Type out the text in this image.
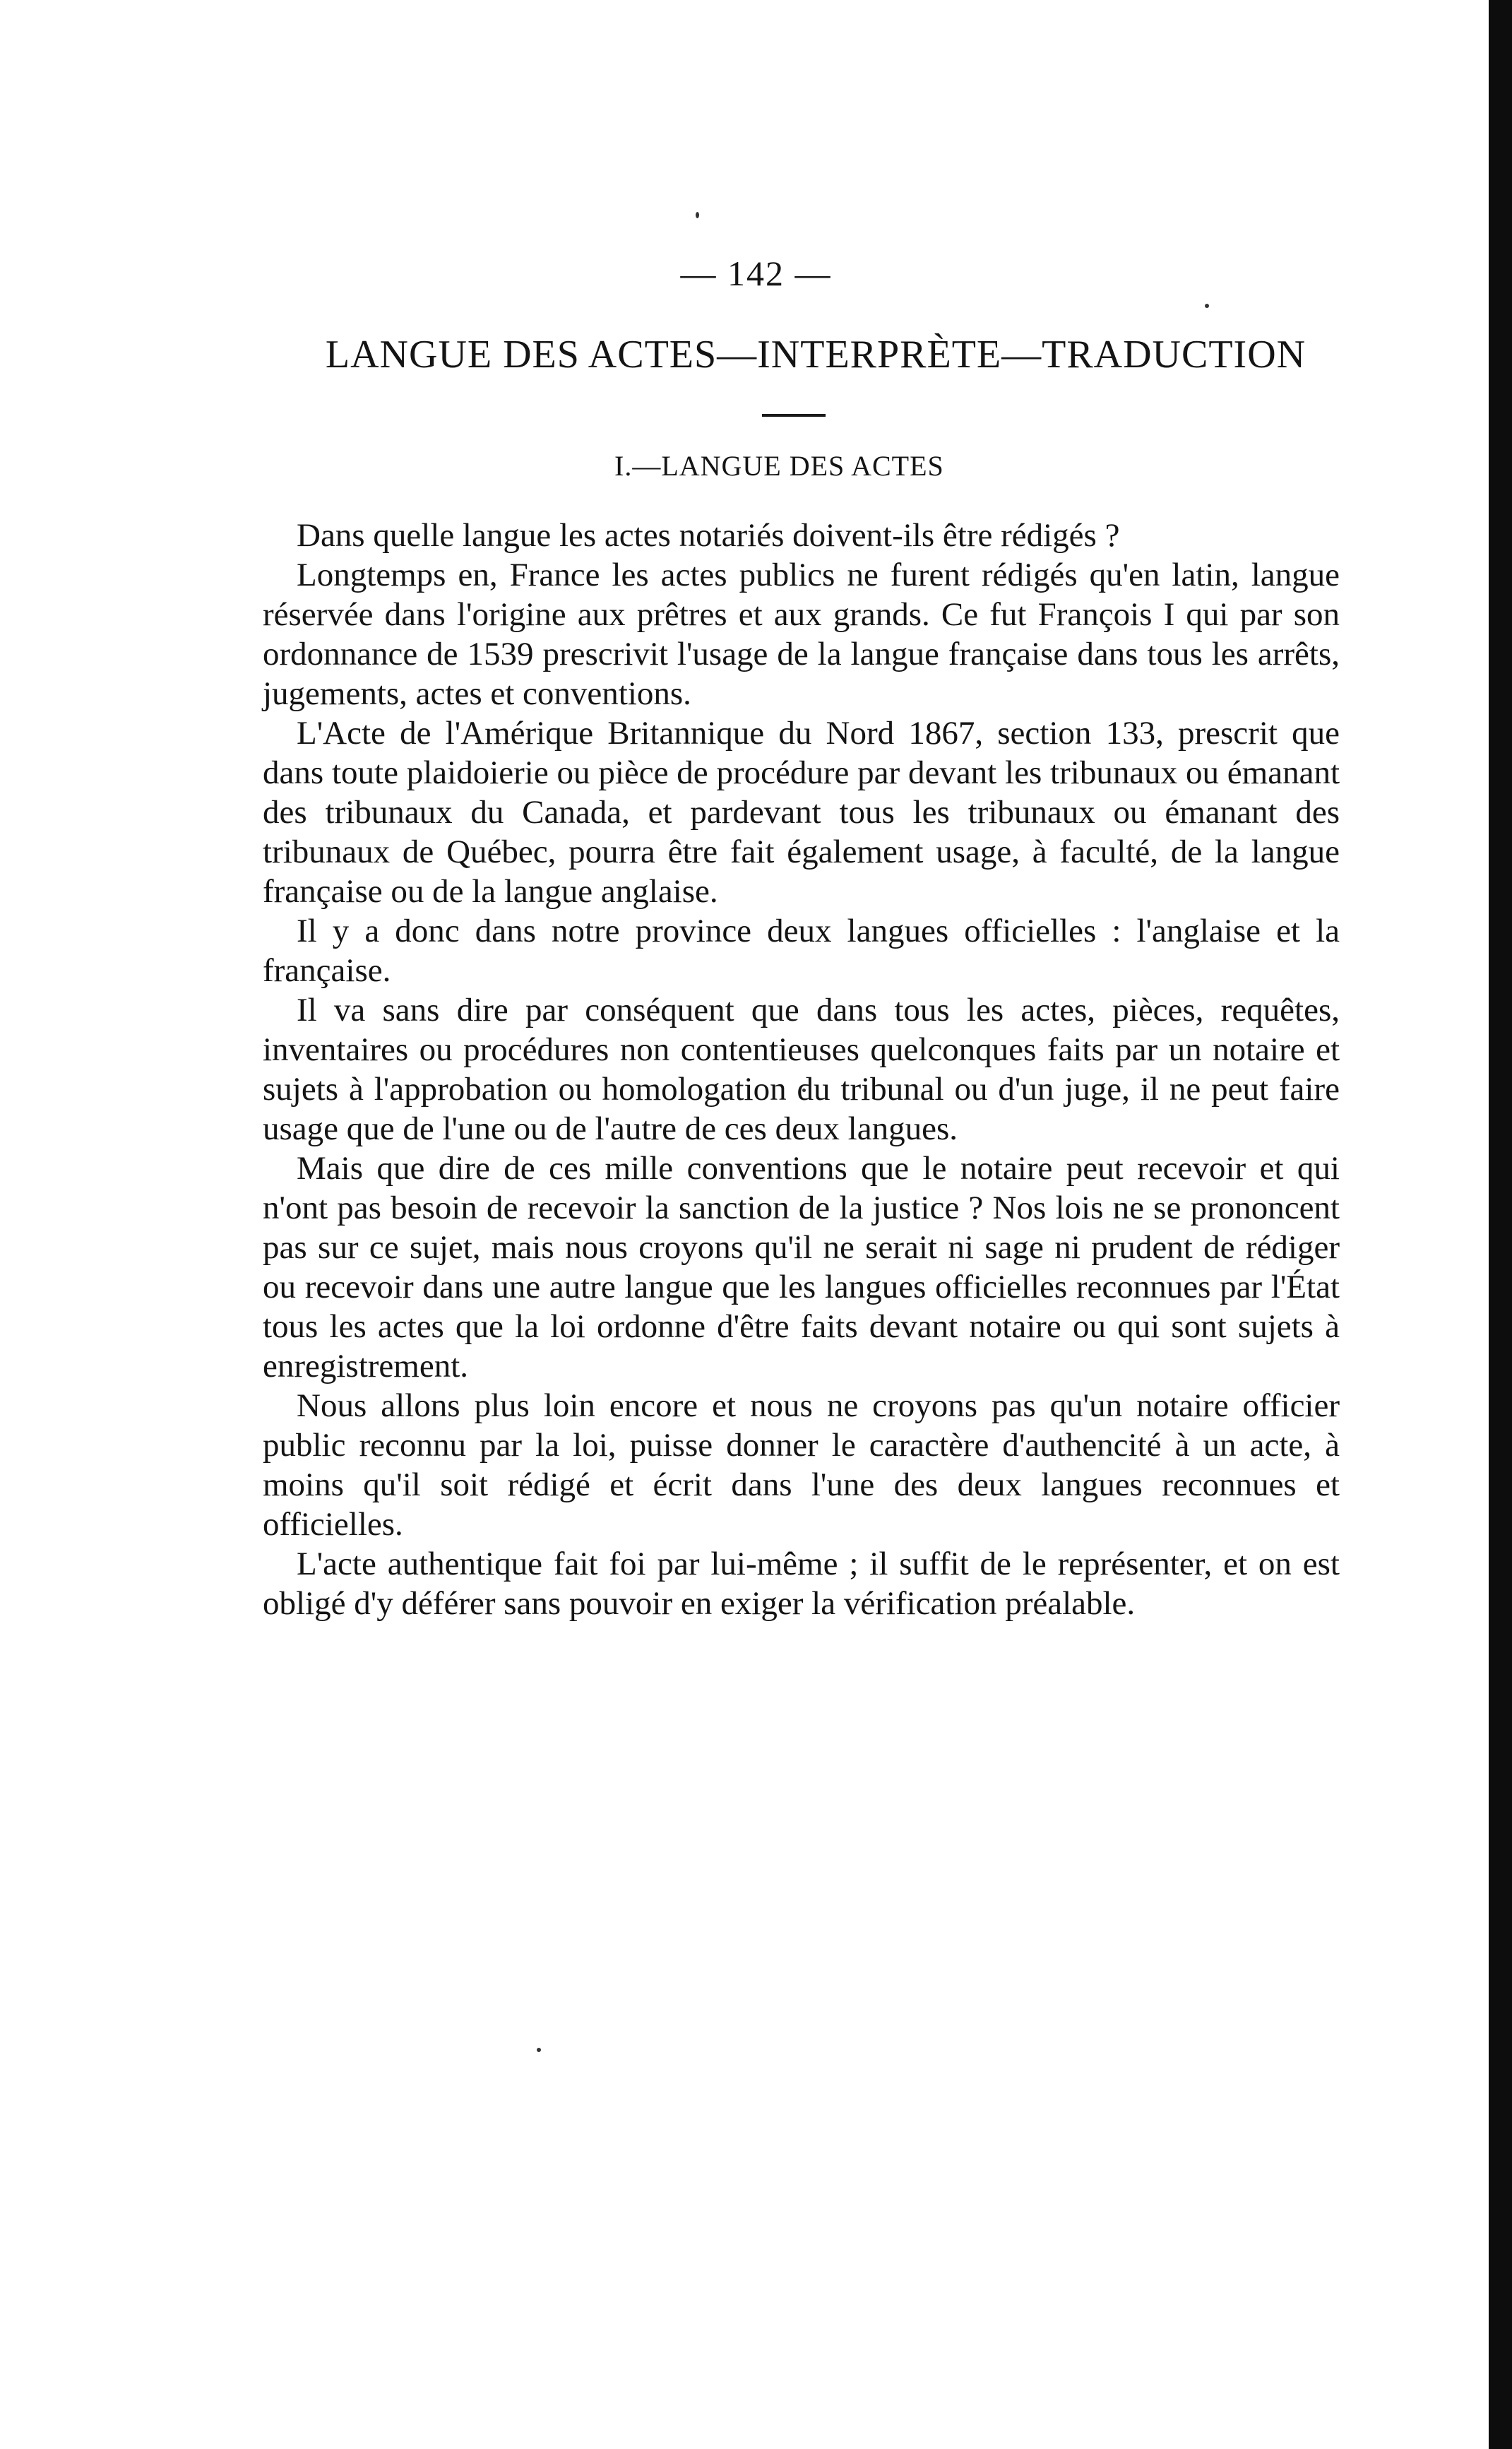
— 142 —
LANGUE DES ACTES—INTERPRÈTE—TRADUCTION
I.—LANGUE DES ACTES

Dans quelle langue les actes notariés doivent-ils être rédigés ?

Longtemps en, France les actes publics ne furent rédigés qu'en latin, langue réservée dans l'origine aux prêtres et aux grands. Ce fut François I qui par son ordonnance de 1539 prescrivit l'usage de la langue française dans tous les arrêts, jugements, actes et conventions.

L'Acte de l'Amérique Britannique du Nord 1867, section 133, prescrit que dans toute plaidoierie ou pièce de procédure par devant les tribunaux ou émanant des tribunaux du Canada, et pardevant tous les tribunaux ou émanant des tribunaux de Québec, pourra être fait également usage, à faculté, de la langue française ou de la langue anglaise.

Il y a donc dans notre province deux langues officielles : l'anglaise et la française.

Il va sans dire par conséquent que dans tous les actes, pièces, requêtes, inventaires ou procédures non contentieuses quelconques faits par un notaire et sujets à l'approbation ou homologation du tribunal ou d'un juge, il ne peut faire usage que de l'une ou de l'autre de ces deux langues.

Mais que dire de ces mille conventions que le notaire peut recevoir et qui n'ont pas besoin de recevoir la sanction de la justice ? Nos lois ne se prononcent pas sur ce sujet, mais nous croyons qu'il ne serait ni sage ni prudent de rédiger ou recevoir dans une autre langue que les langues officielles reconnues par l'État tous les actes que la loi ordonne d'être faits devant notaire ou qui sont sujets à enregistrement.

Nous allons plus loin encore et nous ne croyons pas qu'un notaire officier public reconnu par la loi, puisse donner le caractère d'authencité à un acte, à moins qu'il soit rédigé et écrit dans l'une des deux langues reconnues et officielles.

L'acte authentique fait foi par lui-même ; il suffit de le représenter, et on est obligé d'y déférer sans pouvoir en exiger la vérification préalable.
